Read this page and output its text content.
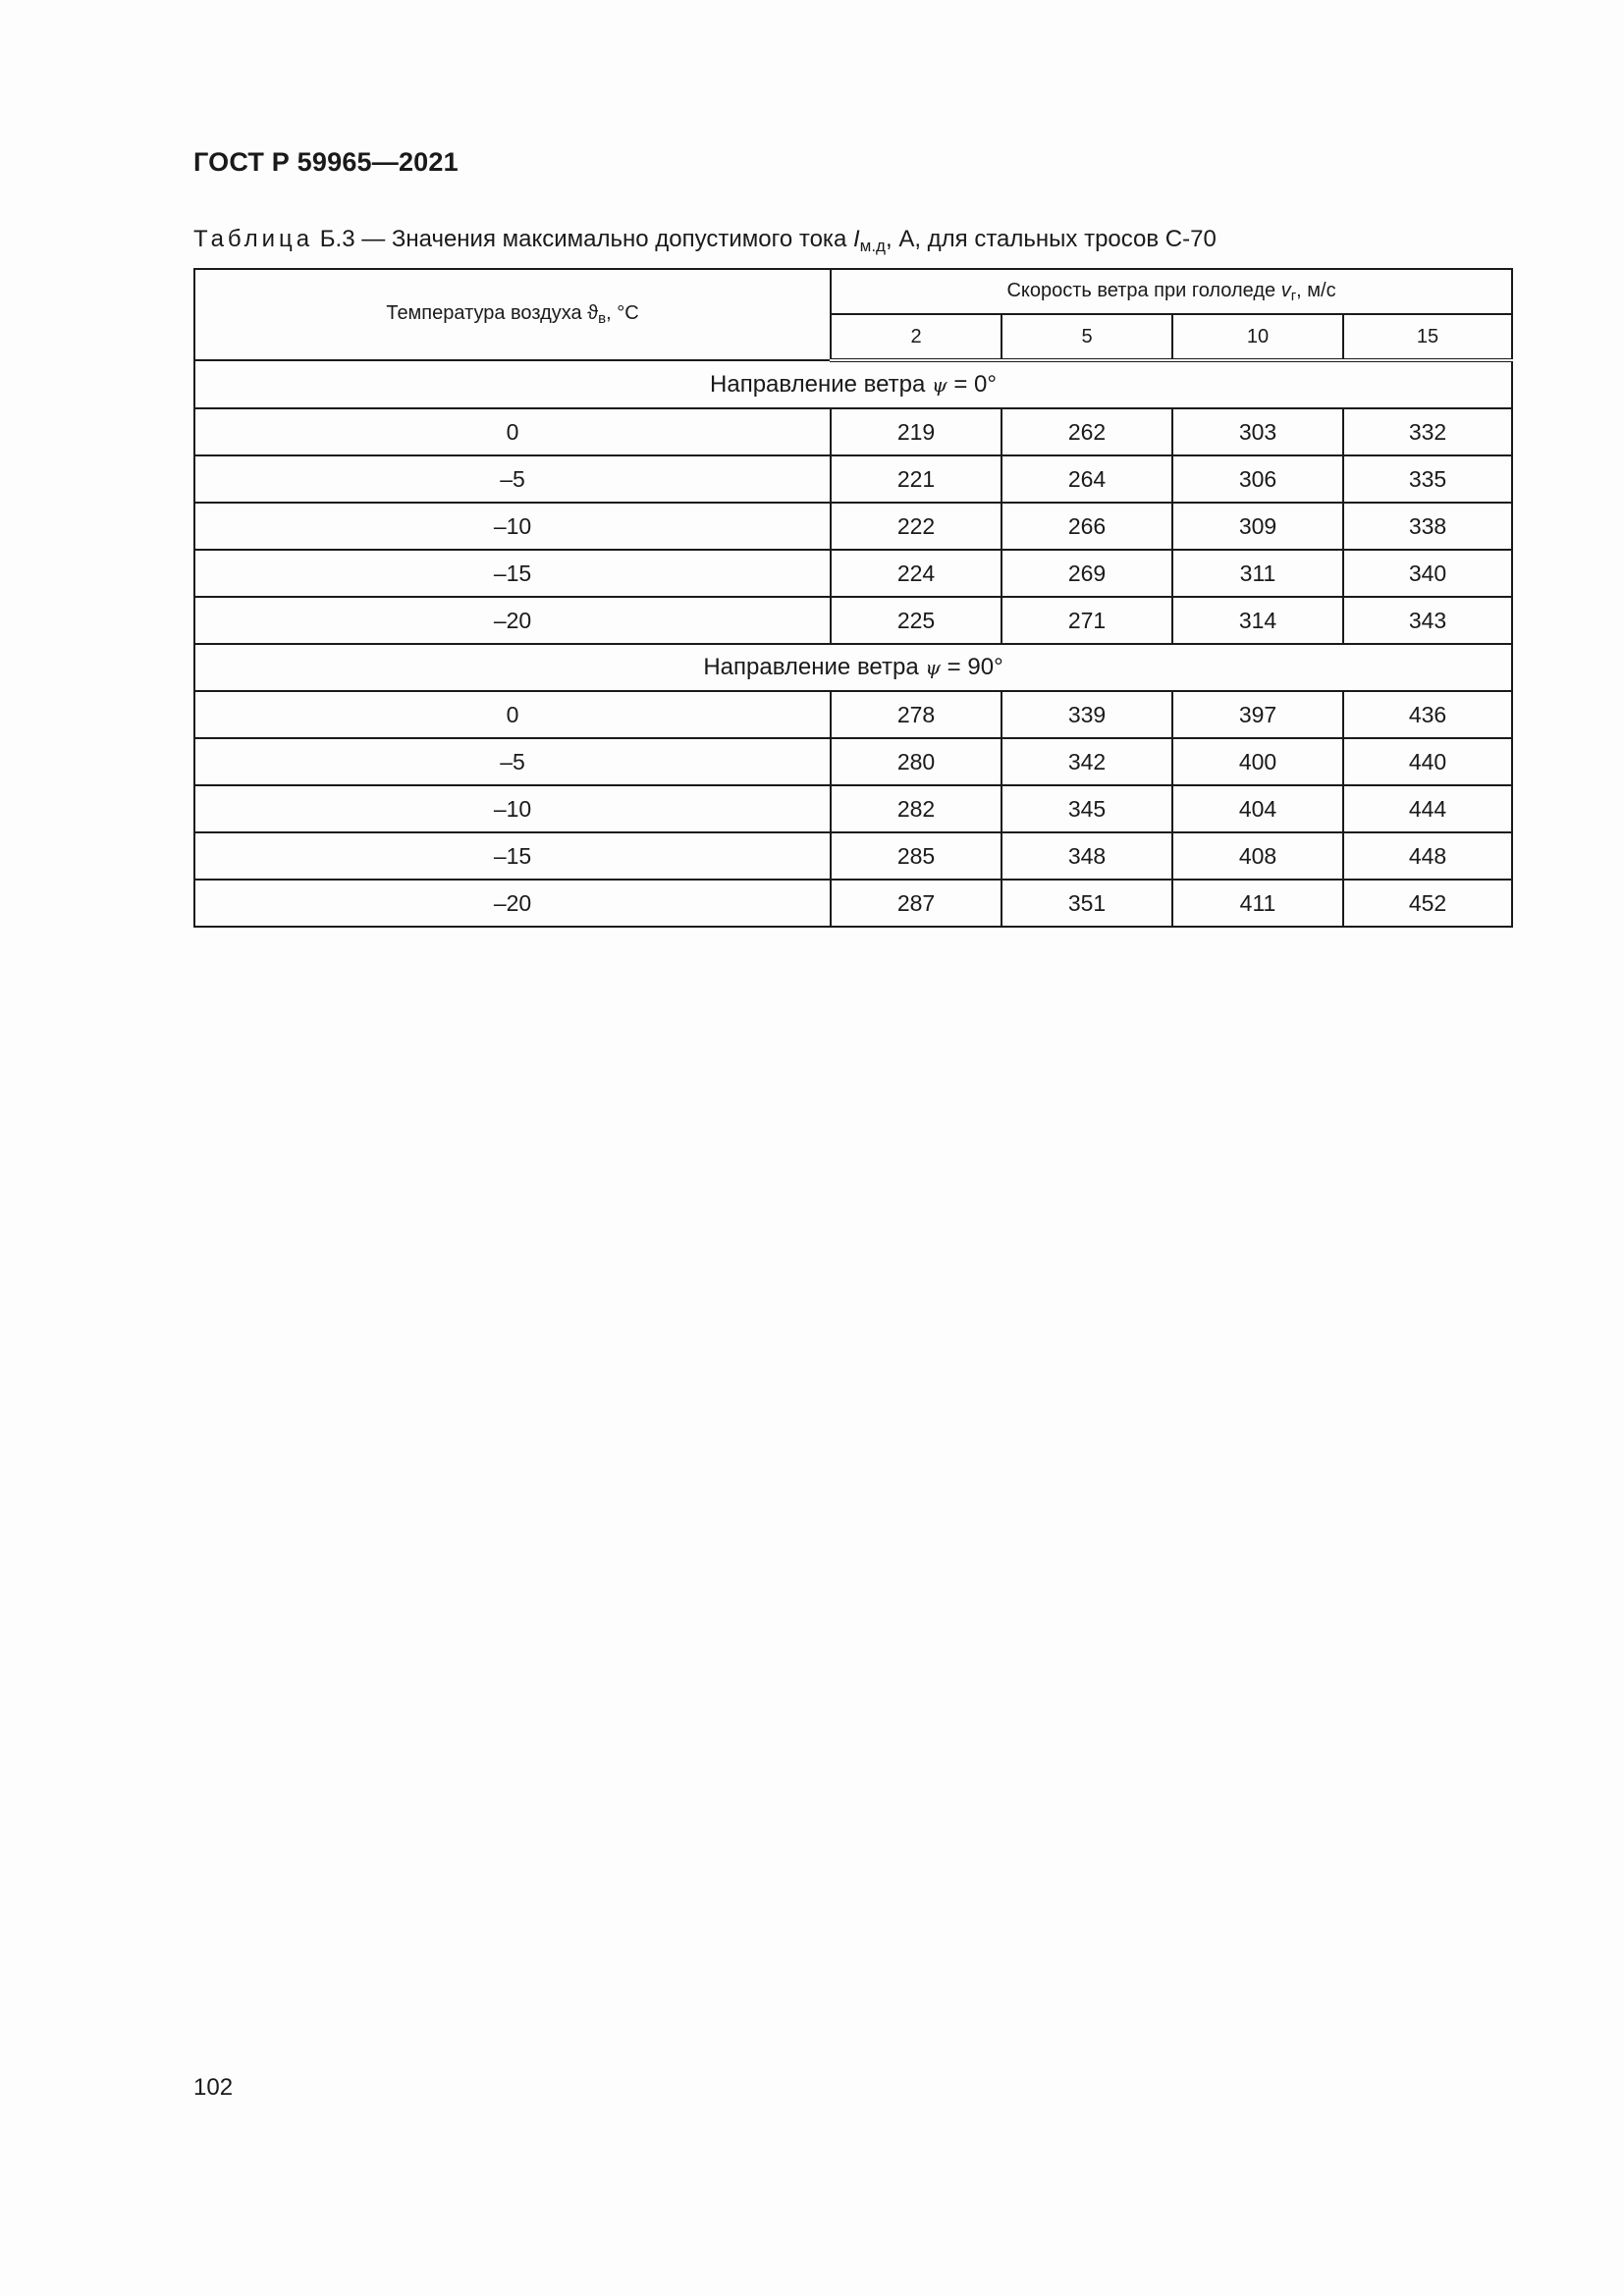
ГОСТ Р 59965—2021
Таблица Б.3 — Значения максимально допустимого тока $I_{м.д}$, А, для стальных тросов С-70
Температура воздуха $ϑ_в$, °С	Скорость ветра при гололеде $v_г$, м/с			
	2	5	10	15
Направление ветра ψ = 0°				
0	219	262	303	332
–5	221	264	306	335
–10	222	266	309	338
–15	224	269	311	340
–20	225	271	314	343
Направление ветра ψ = 90°				
0	278	339	397	436
–5	280	342	400	440
–10	282	345	404	444
–15	285	348	408	448
–20	287	351	411	452
102
